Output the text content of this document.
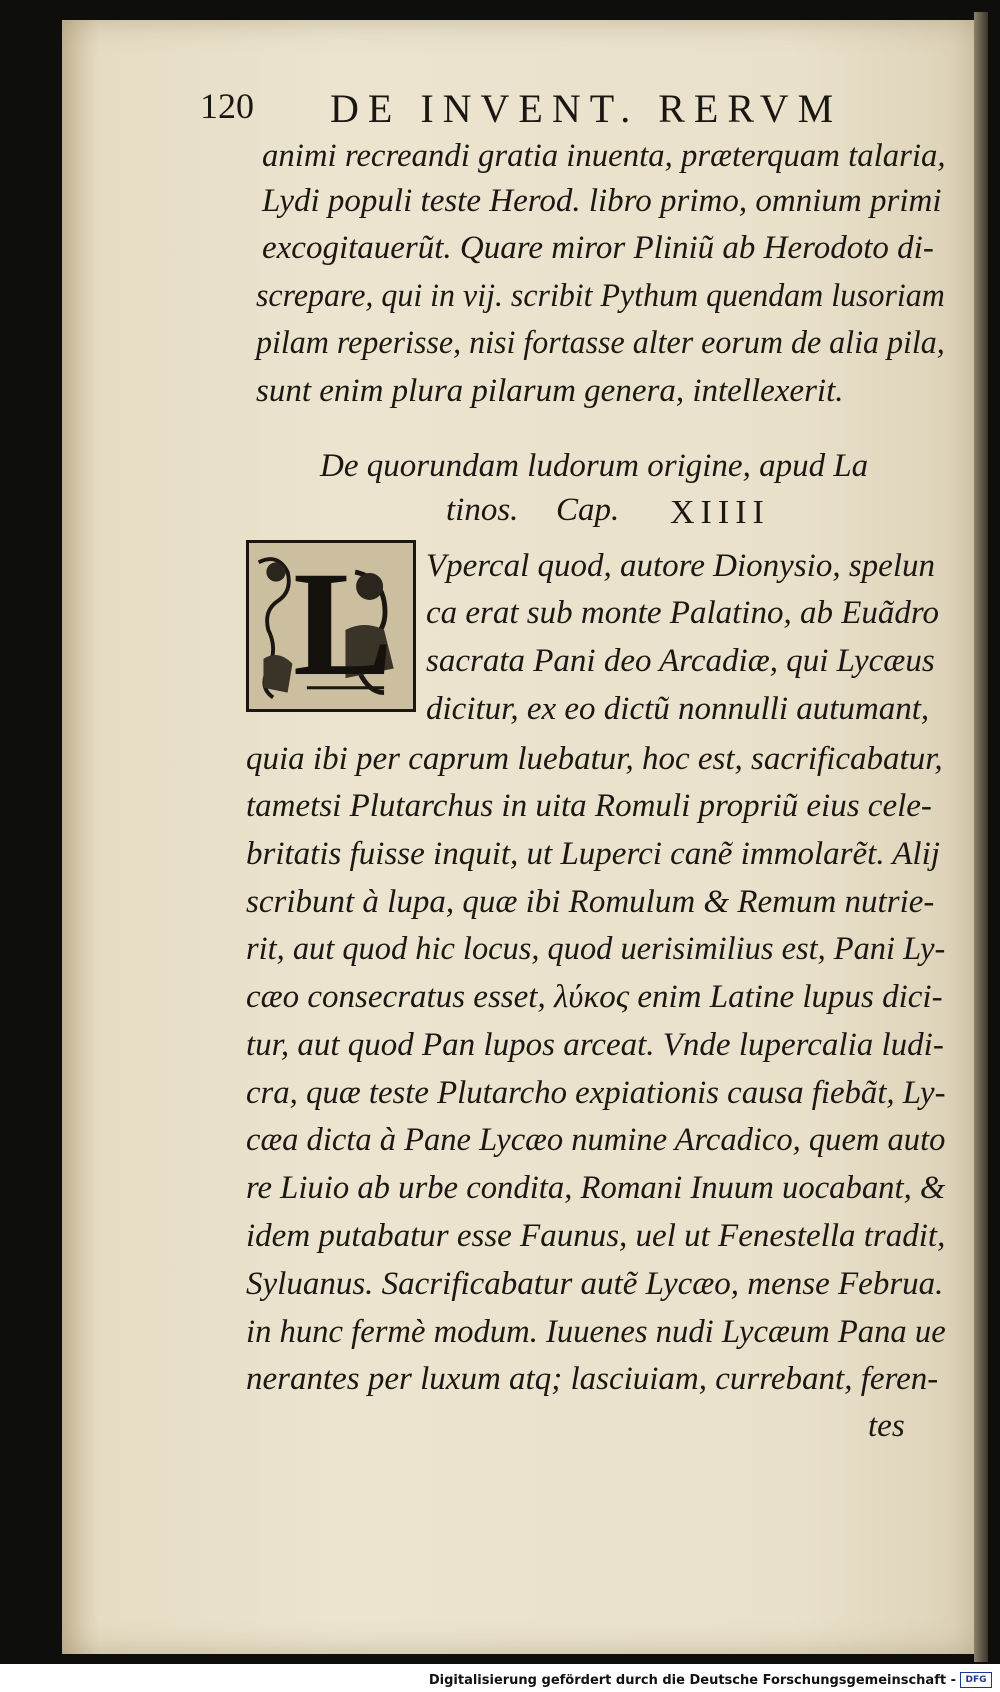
120 DE INVENT. RERVM
animi recreandi gratia inuenta, præterquam talaria,
Lydi populi teste Herod. libro primo, omnium primi
excogitauerũt. Quare miror Pliniũ ab Herodoto di-
screpare, qui in vij. scribit Pythum quendam lusoriam
pilam reperisse, nisi fortasse alter eorum de alia pila,
sunt enim plura pilarum genera, intellexerit.
De quorundam ludorum origine, apud La
tinos. Cap. XIIII
L Vpercal quod, autore Dionysio, spelun
ca erat sub monte Palatino, ab Euãdro
sacrata Pani deo Arcadiæ, qui Lycæus
dicitur, ex eo dictũ nonnulli autumant,
quia ibi per caprum luebatur, hoc est, sacrificabatur,
tametsi Plutarchus in uita Romuli propriũ eius cele-
britatis fuisse inquit, ut Luperci canẽ immolarẽt. Alij
scribunt à lupa, quæ ibi Romulum & Remum nutrie-
rit, aut quod hic locus, quod uerisimilius est, Pani Ly-
cæo consecratus esset, λύκος enim Latine lupus dici-
tur, aut quod Pan lupos arceat. Vnde lupercalia ludi-
cra, quæ teste Plutarcho expiationis causa fiebãt, Ly-
cæa dicta à Pane Lycæo numine Arcadico, quem auto
re Liuio ab urbe condita, Romani Inuum uocabant, &
idem putabatur esse Faunus, uel ut Fenestella tradit,
Syluanus. Sacrificabatur autẽ Lycæo, mense Februa.
in hunc fermè modum. Iuuenes nudi Lycæum Pana ue
nerantes per luxum atq; lasciuiam, currebant, feren-
tes
Digitalisierung gefördert durch die Deutsche Forschungsgemeinschaft -	DFG
